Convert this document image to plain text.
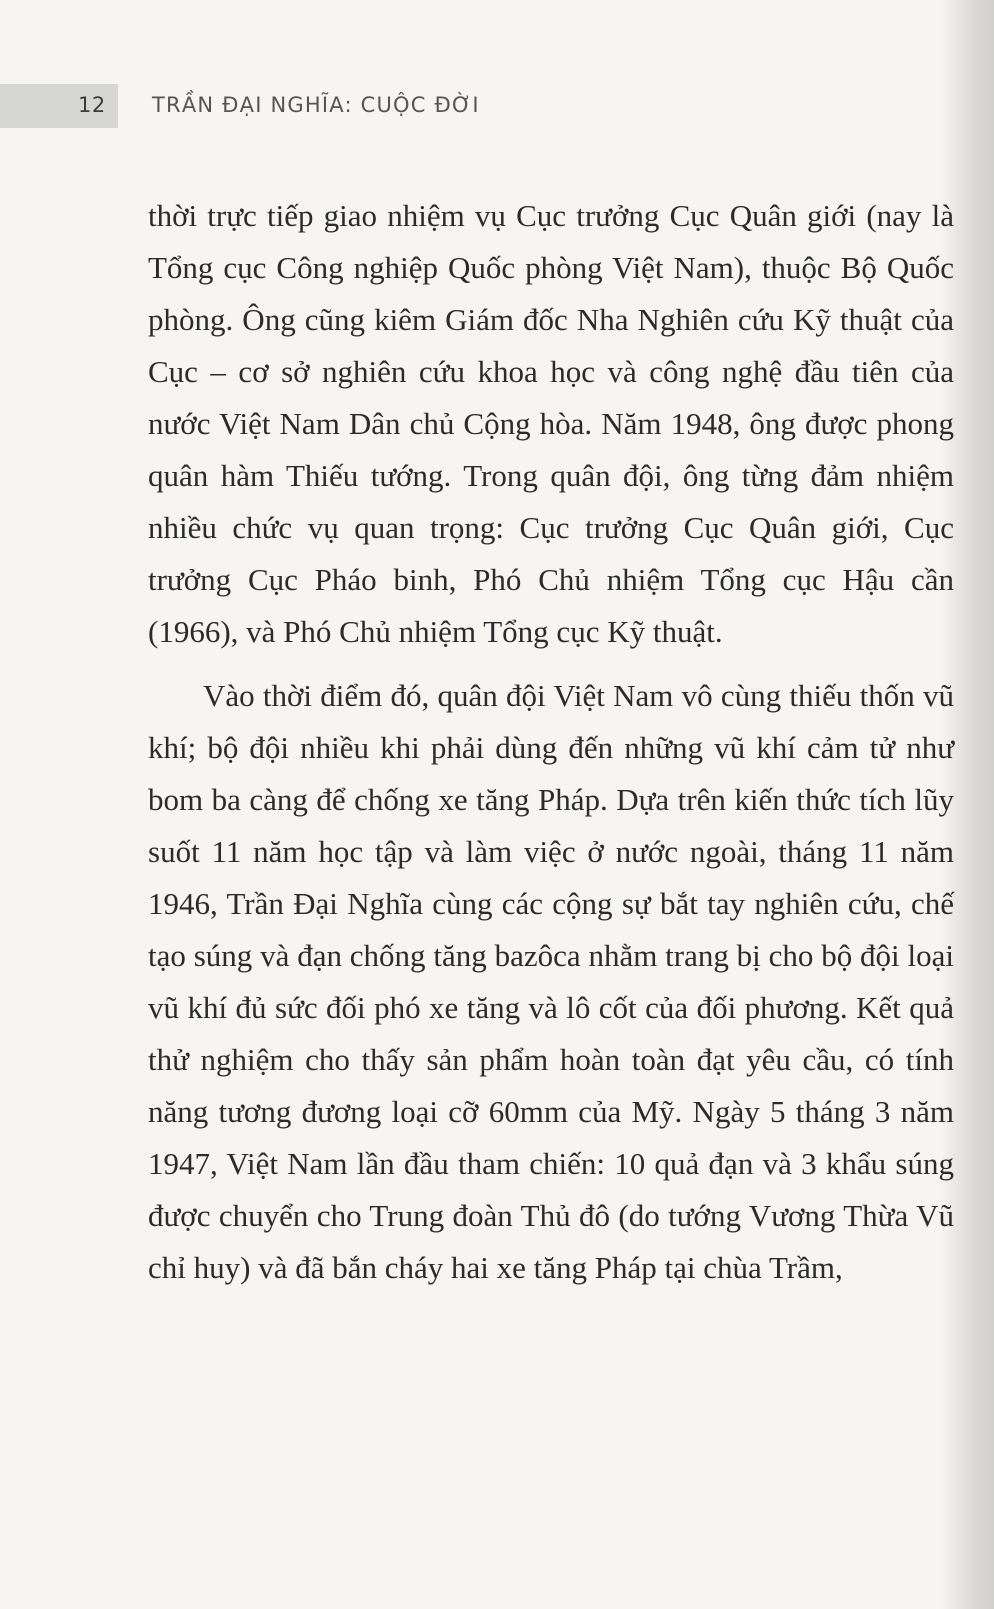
12 TRẦN ĐẠI NGHĨA: CUỘC ĐỜI

thời trực tiếp giao nhiệm vụ Cục trưởng Cục Quân giới (nay là Tổng cục Công nghiệp Quốc phòng Việt Nam), thuộc Bộ Quốc phòng. Ông cũng kiêm Giám đốc Nha Nghiên cứu Kỹ thuật của Cục – cơ sở nghiên cứu khoa học và công nghệ đầu tiên của nước Việt Nam Dân chủ Cộng hòa. Năm 1948, ông được phong quân hàm Thiếu tướng. Trong quân đội, ông từng đảm nhiệm nhiều chức vụ quan trọng: Cục trưởng Cục Quân giới, Cục trưởng Cục Pháo binh, Phó Chủ nhiệm Tổng cục Hậu cần (1966), và Phó Chủ nhiệm Tổng cục Kỹ thuật.

Vào thời điểm đó, quân đội Việt Nam vô cùng thiếu thốn vũ khí; bộ đội nhiều khi phải dùng đến những vũ khí cảm tử như bom ba càng để chống xe tăng Pháp. Dựa trên kiến thức tích lũy suốt 11 năm học tập và làm việc ở nước ngoài, tháng 11 năm 1946, Trần Đại Nghĩa cùng các cộng sự bắt tay nghiên cứu, chế tạo súng và đạn chống tăng bazôca nhằm trang bị cho bộ đội loại vũ khí đủ sức đối phó xe tăng và lô cốt của đối phương. Kết quả thử nghiệm cho thấy sản phẩm hoàn toàn đạt yêu cầu, có tính năng tương đương loại cỡ 60mm của Mỹ. Ngày 5 tháng 3 năm 1947, Việt Nam lần đầu tham chiến: 10 quả đạn và 3 khẩu súng được chuyển cho Trung đoàn Thủ đô (do tướng Vương Thừa Vũ chỉ huy) và đã bắn cháy hai xe tăng Pháp tại chùa Trầm,
